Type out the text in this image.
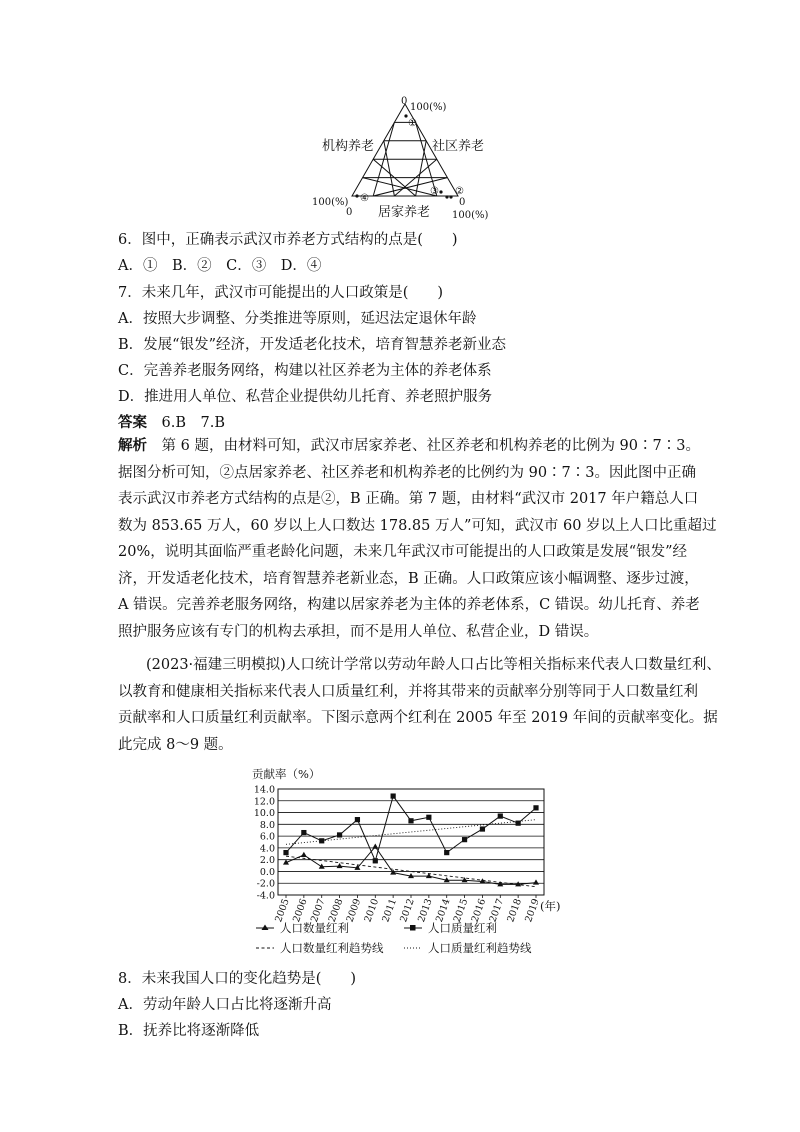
0
100(%)
机构养老	社区养老
100(%)
0
0
100(%)
居家养老
①
②
③
④
6．图中，正确表示武汉市养老方式结构的点是(　　)
A．①　B．②　C．③　D．④
7．未来几年，武汉市可能提出的人口政策是(　　)
A．按照大步调整、分类推进等原则，延迟法定退休年龄
B．发展“银发”经济，开发适老化技术，培育智慧养老新业态
C．完善养老服务网络，构建以社区养老为主体的养老体系
D．推进用人单位、私营企业提供幼儿托育、养老照护服务
答案　 6.B　7.B
解析　 第 6 题，由材料可知，武汉市居家养老、社区养老和机构养老的比例为 90∶7∶3。
据图分析可知，②点居家养老、社区养老和机构养老的比例约为 90∶7∶3。因此图中正确
表示武汉市养老方式结构的点是②，B 正确。第 7 题，由材料“武汉市 2017 年户籍总人口
数为 853.65 万人，60 岁以上人口数达 178.85 万人”可知，武汉市 60 岁以上人口比重超过
20%，说明其面临严重老龄化问题，未来几年武汉市可能提出的人口政策是发展“银发”经
济，开发适老化技术，培育智慧养老新业态，B 正确。人口政策应该小幅调整、逐步过渡，
A 错误。完善养老服务网络，构建以居家养老为主体的养老体系，C 错误。幼儿托育、养老
照护服务应该有专门的机构去承担，而不是用人单位、私营企业，D 错误。
(2023·福建三明模拟)人口统计学常以劳动年龄人口占比等相关指标来代表人口数量红利、
以教育和健康相关指标来代表人口质量红利，并将其带来的贡献率分别等同于人口数量红利
贡献率和人口质量红利贡献率。下图示意两个红利在 2005 年至 2019 年间的贡献率变化。据
此完成 8～9 题。
贡献率（%）
14.0
12.0
10.0
8.0
6.0
4.0
2.0
0.0
-2.0
-4.0
2005 2006 2007 2008 2009 2010 2011 2012 2013 2014 2015 2016 2017 2018 2019
(年)
人口数量红利	人口质量红利
人口数量红利趋势线	人口质量红利趋势线
8．未来我国人口的变化趋势是(　　)
A．劳动年龄人口占比将逐渐升高
B．抚养比将逐渐降低
